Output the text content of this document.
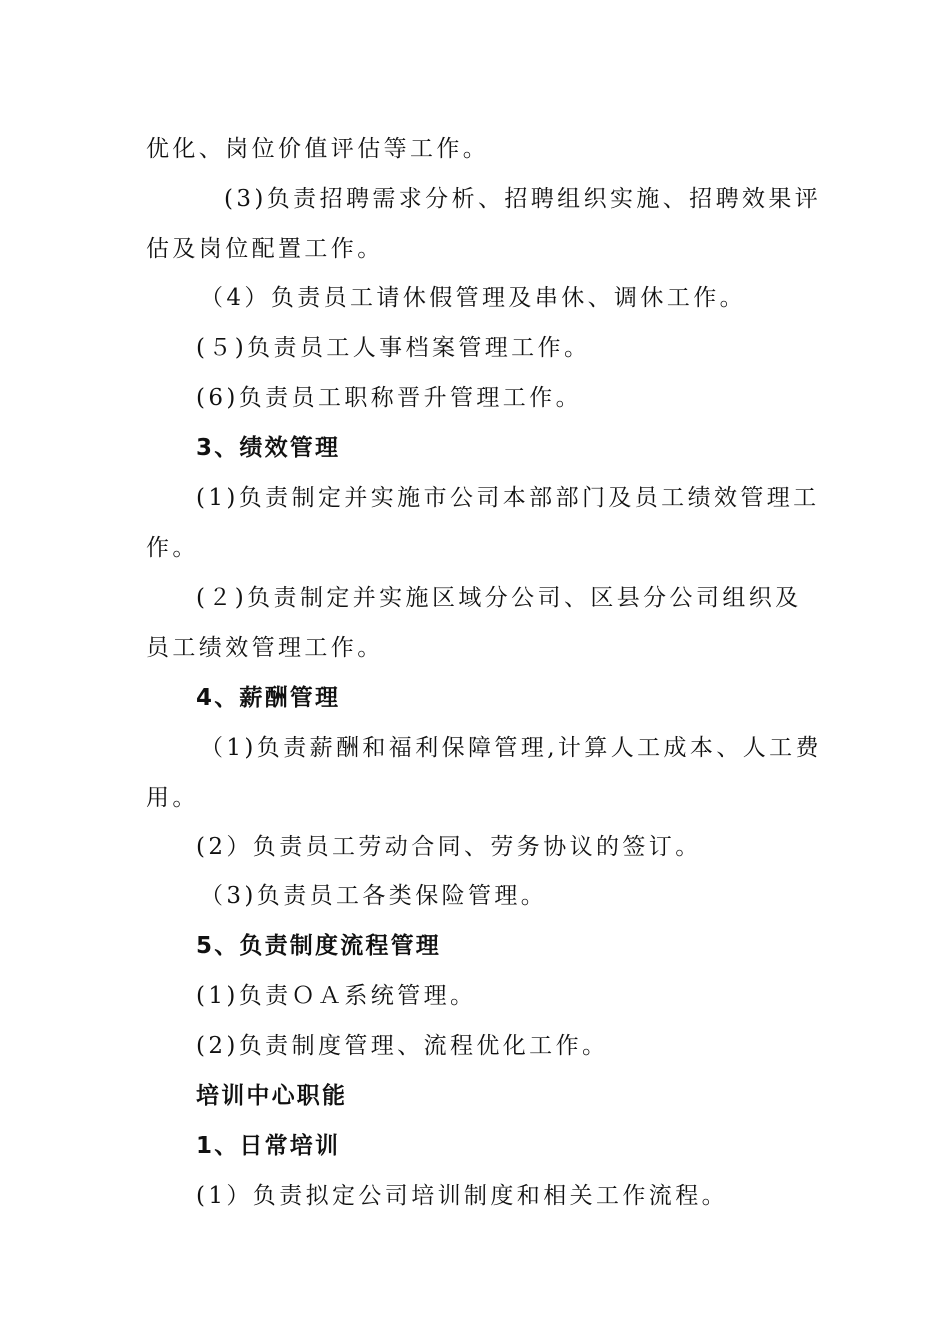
优化、岗位价值评估等工作。

(3)负责招聘需求分析、招聘组织实施、招聘效果评

估及岗位配置工作。

（4）负责员工请休假管理及串休、调休工作。

(５)负责员工人事档案管理工作。

(6)负责员工职称晋升管理工作。

3、绩效管理

(1)负责制定并实施市公司本部部门及员工绩效管理工

作。

(２)负责制定并实施区域分公司、区县分公司组织及

员工绩效管理工作。

4、薪酬管理

（1)负责薪酬和福利保障管理,计算人工成本、人工费

用。

(2）负责员工劳动合同、劳务协议的签订。

（3)负责员工各类保险管理。

5、负责制度流程管理

(1)负责ＯＡ系统管理。

(2)负责制度管理、流程优化工作。

培训中心职能

1、日常培训

(1）负责拟定公司培训制度和相关工作流程。
